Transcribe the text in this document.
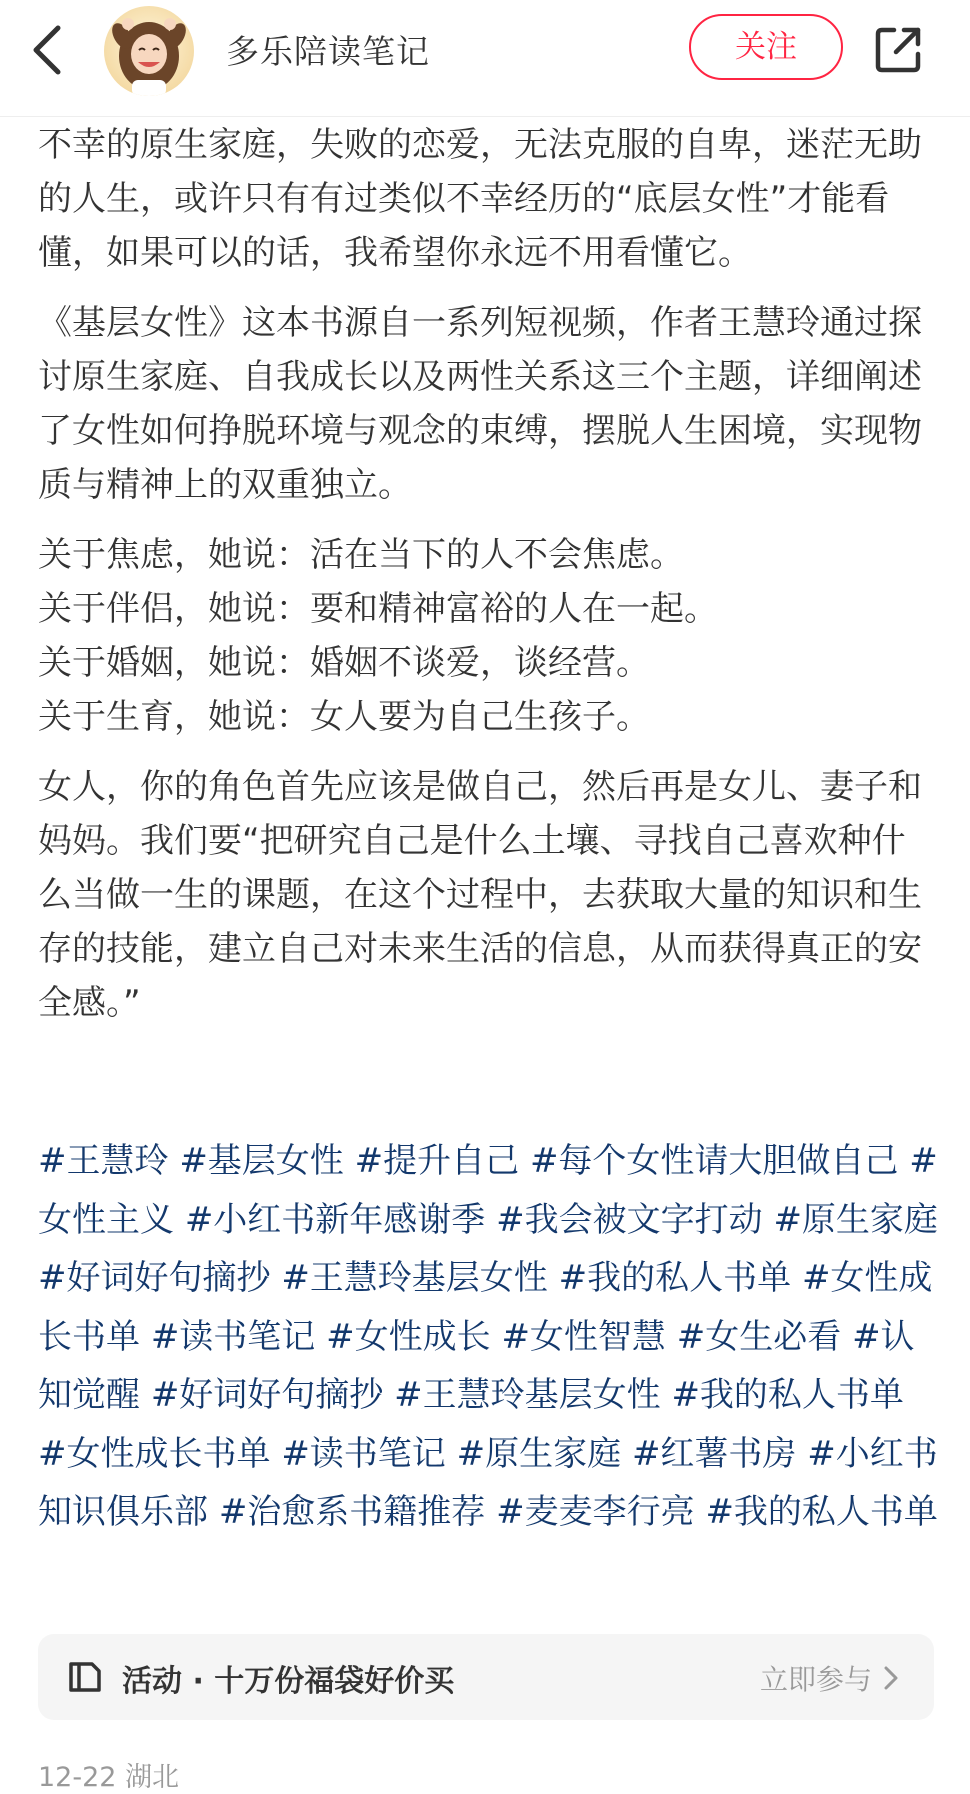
多乐陪读笔记	关注

不幸的原生家庭，失败的恋爱，无法克服的自卑，迷茫无助的人生，或许只有有过类似不幸经历的“底层女性”才能看懂，如果可以的话，我希望你永远不用看懂它。

《基层女性》这本书源自一系列短视频，作者王慧玲通过探讨原生家庭、自我成长以及两性关系这三个主题，详细阐述了女性如何挣脱环境与观念的束缚，摆脱人生困境，实现物质与精神上的双重独立。

关于焦虑，她说：活在当下的人不会焦虑。
关于伴侣，她说：要和精神富裕的人在一起。
关于婚姻，她说：婚姻不谈爱，谈经营。
关于生育，她说：女人要为自己生孩子。

女人，你的角色首先应该是做自己，然后再是女儿、妻子和妈妈。我们要“把研究自己是什么土壤、寻找自己喜欢种什么当做一生的课题，在这个过程中，去获取大量的知识和生存的技能，建立自己对未来生活的信息，从而获得真正的安全感。”

#王慧玲 #基层女性 #提升自己 #每个女性请大胆做自己 #女性主义 #小红书新年感谢季 #我会被文字打动 #原生家庭 #好词好句摘抄 #王慧玲基层女性 #我的私人书单 #女性成长书单 #读书笔记 #女性成长 #女性智慧 #女生必看 #认知觉醒 #好词好句摘抄 #王慧玲基层女性 #我的私人书单 #女性成长书单 #读书笔记 #原生家庭 #红薯书房 #小红书知识俱乐部 #治愈系书籍推荐 #麦麦李行亮 #我的私人书单
活动 · 十万份福袋好价买	立即参与
12-22 湖北
